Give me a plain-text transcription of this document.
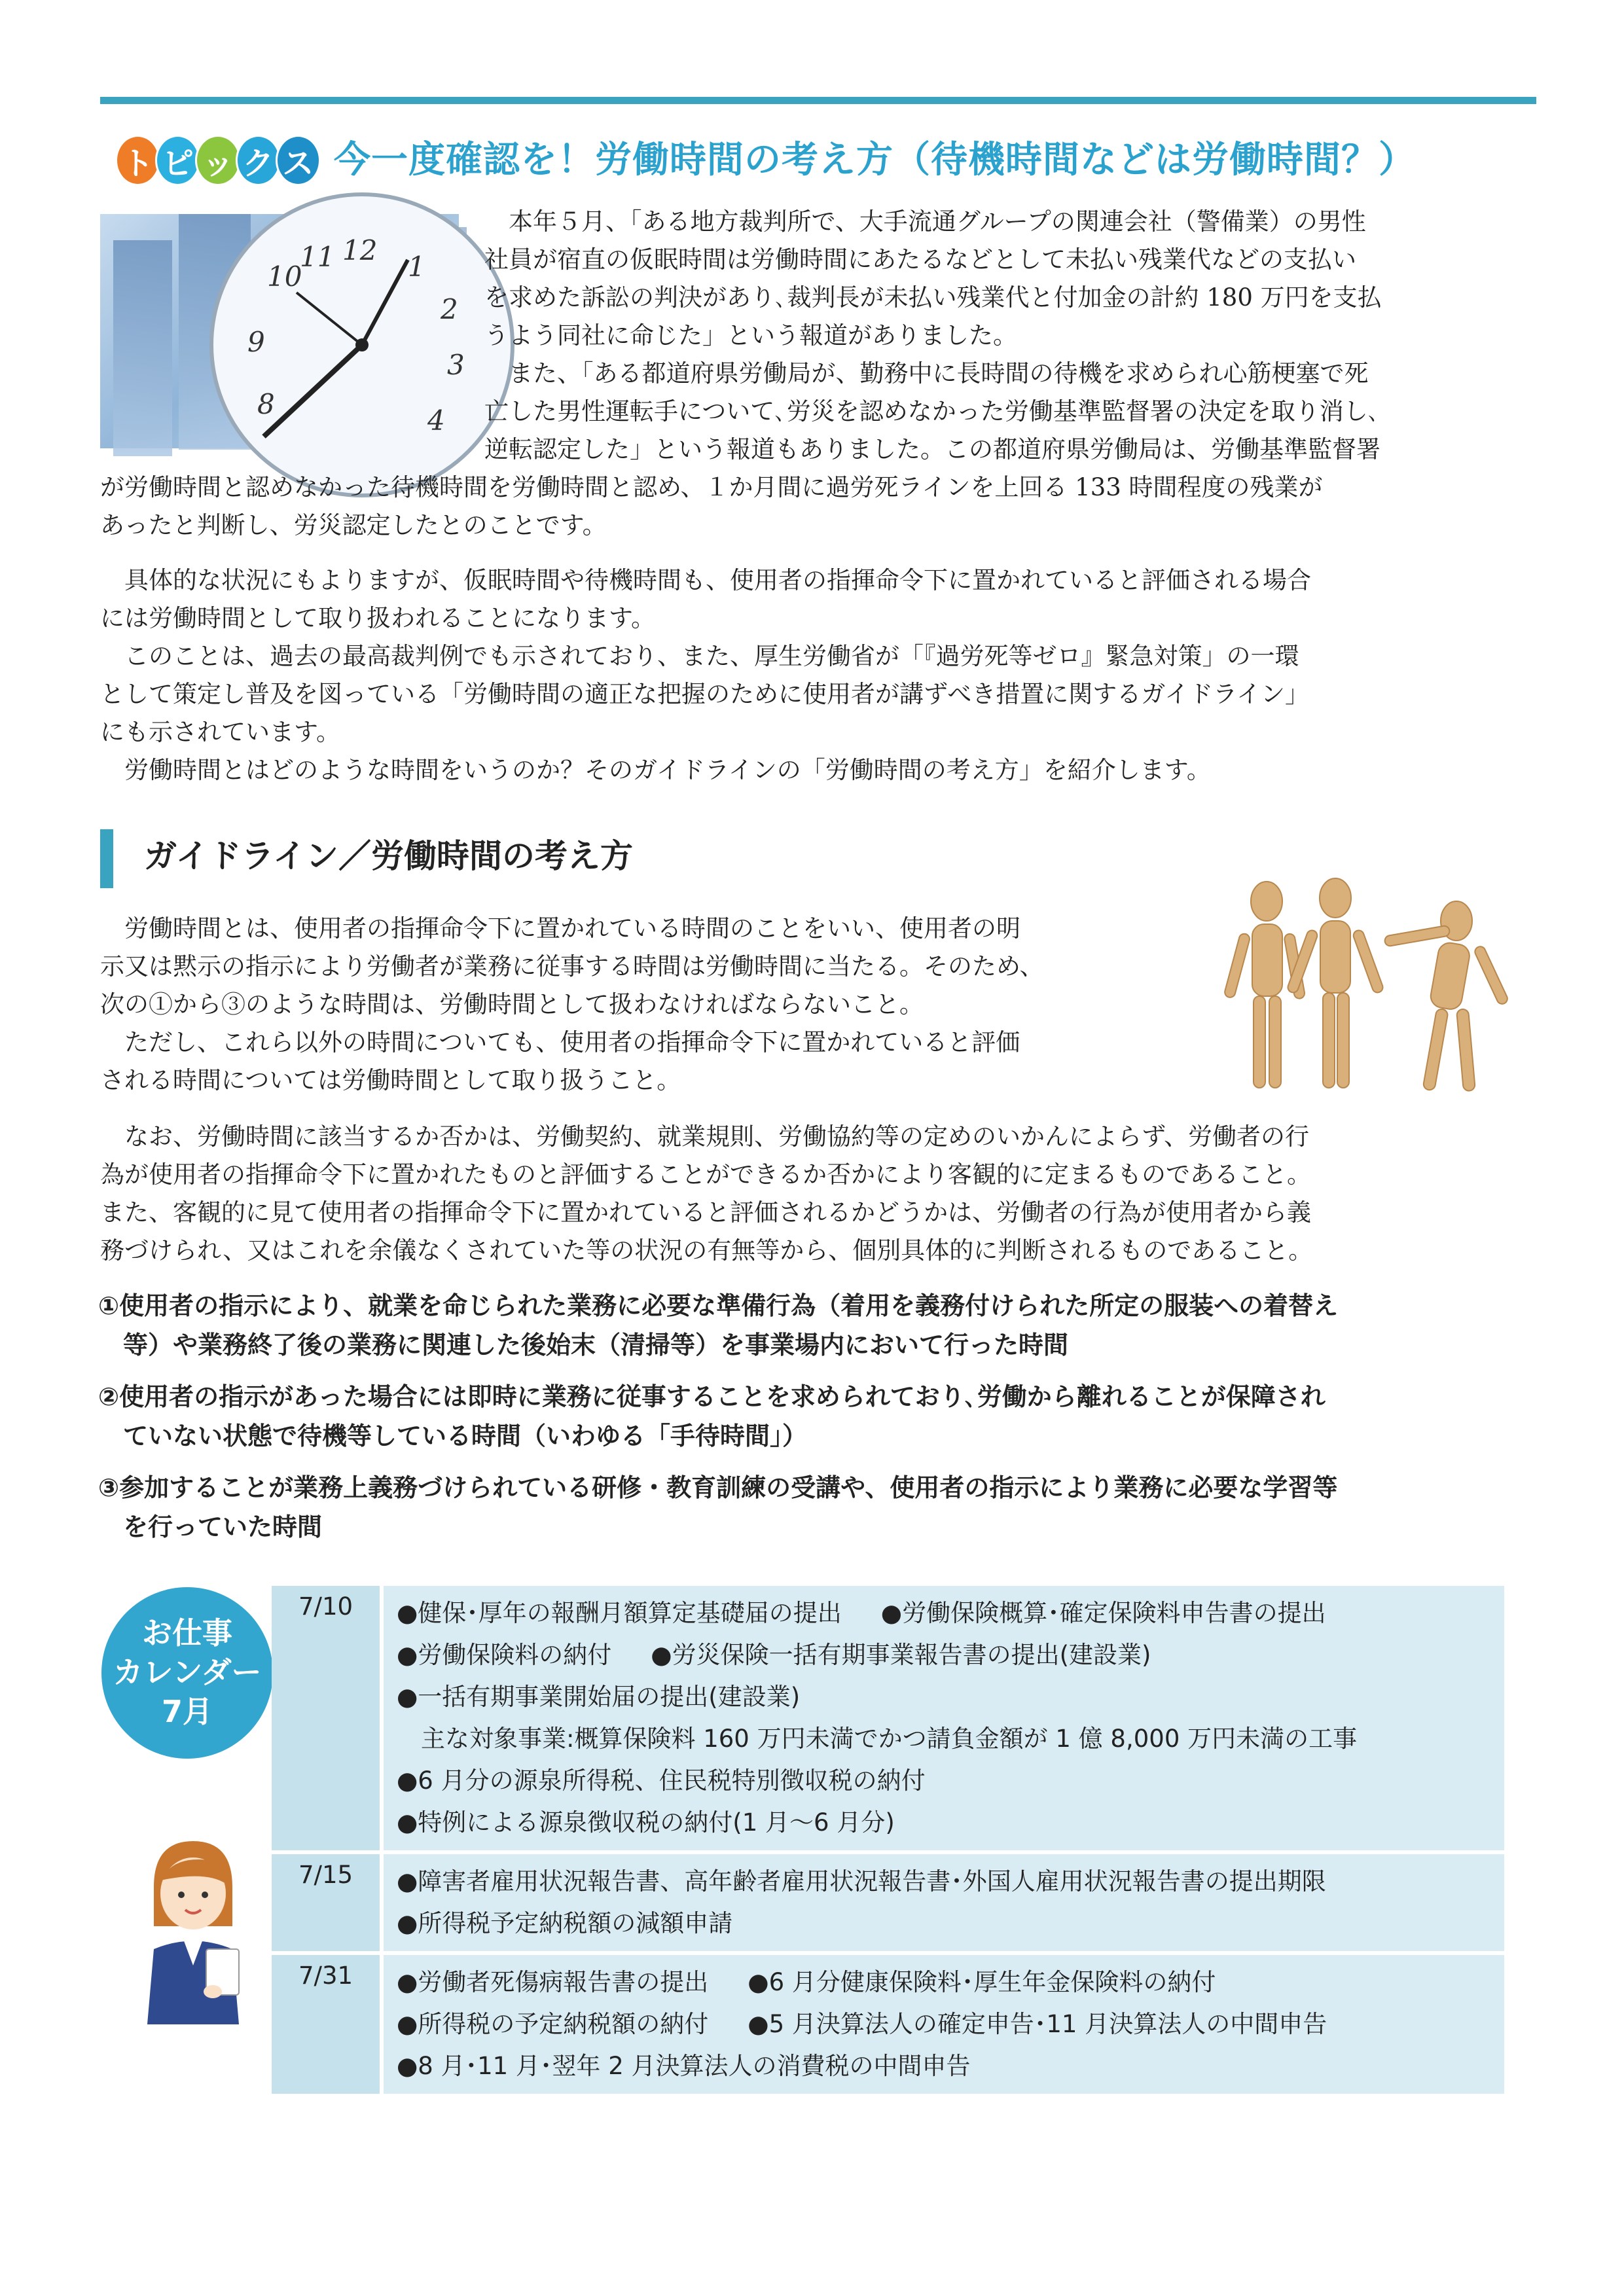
ト ピ ッ ク ス 今一度確認を！労働時間の考え方（待機時間などは労働時間？）
12
1
2
3
4
10
9
8
11
　本年５月、「ある地方裁判所で、大手流通グループの関連会社（警備業）の男性
社員が宿直の仮眠時間は労働時間にあたるなどとして未払い残業代などの支払い
を求めた訴訟の判決があり､裁判長が未払い残業代と付加金の計約 180 万円を支払
うよう同社に命じた」という報道がありました。
　また、「ある都道府県労働局が、勤務中に長時間の待機を求められ心筋梗塞で死
亡した男性運転手について､労災を認めなかった労働基準監督署の決定を取り消し､
逆転認定した」という報道もありました。この都道府県労働局は、労働基準監督署
が労働時間と認めなかった待機時間を労働時間と認め、１か月間に過労死ラインを上回る 133 時間程度の残業が
あったと判断し、労災認定したとのことです。
　具体的な状況にもよりますが、仮眠時間や待機時間も、使用者の指揮命令下に置かれていると評価される場合
には労働時間として取り扱われることになります。
　このことは、過去の最高裁判例でも示されており、また、厚生労働省が「『過労死等ゼロ』緊急対策」の一環
として策定し普及を図っている「労働時間の適正な把握のために使用者が講ずべき措置に関するガイドライン」
にも示されています。
　労働時間とはどのような時間をいうのか？そのガイドラインの「労働時間の考え方」を紹介します。
ガイドライン／労働時間の考え方
　労働時間とは、使用者の指揮命令下に置かれている時間のことをいい、使用者の明
示又は黙示の指示により労働者が業務に従事する時間は労働時間に当たる。そのため、
次の①から③のような時間は、労働時間として扱わなければならないこと。
　ただし、これら以外の時間についても、使用者の指揮命令下に置かれていると評価
される時間については労働時間として取り扱うこと。
　なお、労働時間に該当するか否かは、労働契約、就業規則、労働協約等の定めのいかんによらず、労働者の行
為が使用者の指揮命令下に置かれたものと評価することができるか否かにより客観的に定まるものであること。
また、客観的に見て使用者の指揮命令下に置かれていると評価されるかどうかは、労働者の行為が使用者から義
務づけられ、又はこれを余儀なくされていた等の状況の有無等から、個別具体的に判断されるものであること。
①使用者の指示により、就業を命じられた業務に必要な準備行為（着用を義務付けられた所定の服装への着替え
　等）や業務終了後の業務に関連した後始末（清掃等）を事業場内において行った時間
②使用者の指示があった場合には即時に業務に従事することを求められており､労働から離れることが保障され
　ていない状態で待機等している時間（いわゆる「手待時間」）
③参加することが業務上義務づけられている研修・教育訓練の受講や、使用者の指示により業務に必要な学習等
　を行っていた時間
お仕事
カレンダー
7月
7/10	●健保･厚年の報酬月額算定基礎届の提出 ●労働保険概算･確定保険料申告書の提出
●労働保険料の納付 ●労災保険一括有期事業報告書の提出(建設業)
●一括有期事業開始届の提出(建設業)
　主な対象事業:概算保険料 160 万円未満でかつ請負金額が 1 億 8,000 万円未満の工事
●6 月分の源泉所得税、住民税特別徴収税の納付
●特例による源泉徴収税の納付(1 月～6 月分)
7/15	●障害者雇用状況報告書、高年齢者雇用状況報告書･外国人雇用状況報告書の提出期限
●所得税予定納税額の減額申請
7/31	●労働者死傷病報告書の提出 ●6 月分健康保険料･厚生年金保険料の納付
●所得税の予定納税額の納付 ●5 月決算法人の確定申告･11 月決算法人の中間申告
●8 月･11 月･翌年 2 月決算法人の消費税の中間申告
